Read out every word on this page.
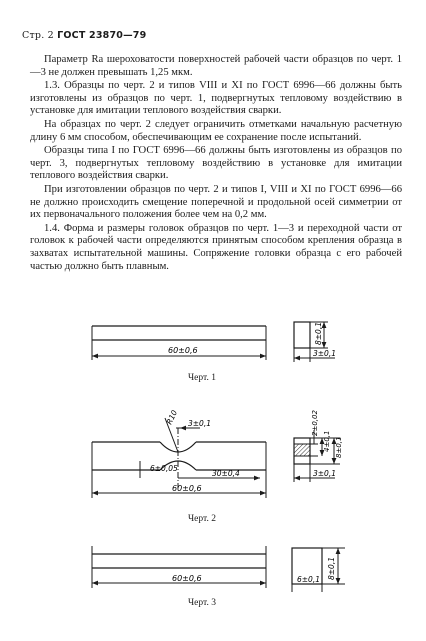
Стр. 2 ГОСТ 23870—79

Параметр Ra шероховатости поверхностей рабочей части образцов по черт. 1—3 не должен превышать 1,25 мкм.

1.3. Образцы по черт. 2 и типов VIII и XI по ГОСТ 6996—66 должны быть изготовлены из образцов по черт. 1, подвергнутых тепловому воздействию в установке для имитации теплового воздействия сварки.

На образцах по черт. 2 следует ограничить отметками начальную расчетную длину 6 мм способом, обеспечивающим ее сохранение после испытаний.

Образцы типа I по ГОСТ 6996—66 должны быть изготовлены из образцов по черт. 3, подвергнутых тепловому воздействию в установке для имитации теплового воздействия сварки.

При изготовлении образцов по черт. 2 и типов I, VIII и XI по ГОСТ 6996—66 не должно происходить смещение поперечной и продольной осей симметрии от их первоначального положения более чем на 0,2 мм.

1.4. Форма и размеры головок образцов по черт. 1—3 и переходной части от головок к рабочей части определяются принятым способом крепления образца в захватах испытательной машины. Сопряжение головки образца с его рабочей частью должно быть плавным.

60±0,6
8±0,1
3±0,1
R10 3±0,1
6±0,05
30±0,4
60±0,6
2±0,02
4±0,1 8±0,1
3±0,1
60±0,6	8±0,1
6±0,1
Черт. 1
Черт. 2
Черт. 3
